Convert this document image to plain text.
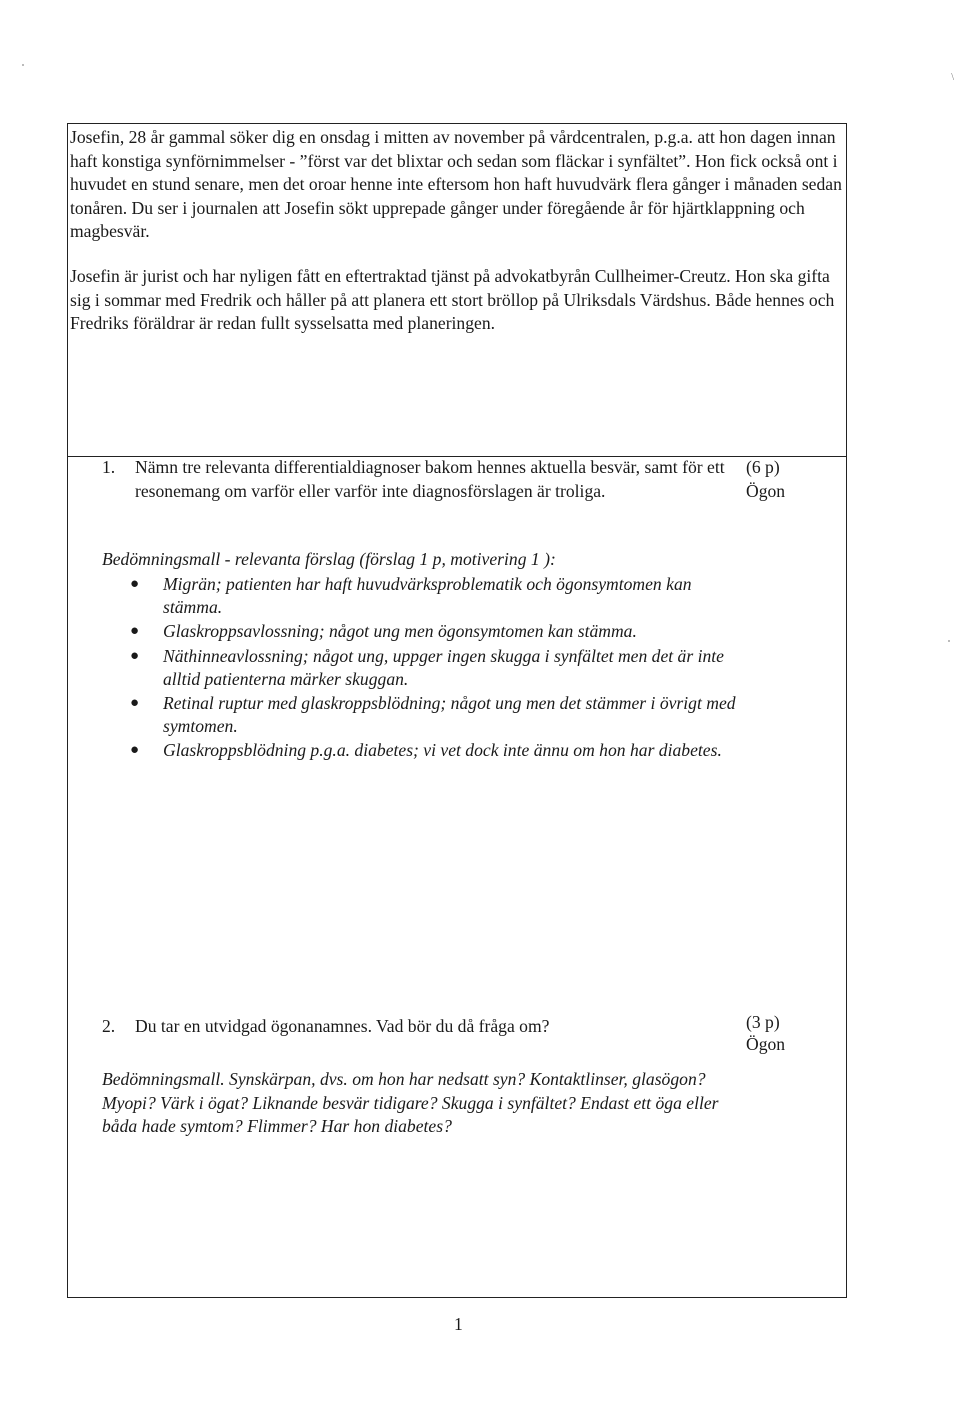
Josefin, 28 år gammal söker dig en onsdag i mitten av november på vårdcentralen, p.g.a. att hon dagen innan haft konstiga synförnimmelser - ”först var det blixtar och sedan som fläckar i synfältet”. Hon fick också ont i huvudet en stund senare, men det oroar henne inte eftersom hon haft huvudvärk flera gånger i månaden sedan tonåren. Du ser i journalen att Josefin sökt upprepade gånger under föregående år för hjärtklappning och magbesvär.

Josefin är jurist och har nyligen fått en eftertraktad tjänst på advokatbyrån Cullheimer-Creutz. Hon ska gifta sig i sommar med Fredrik och håller på att planera ett stort bröllop på Ulriksdals Värdshus. Både hennes och Fredriks föräldrar är redan fullt sysselsatta med planeringen.

1. Nämn tre relevanta differentialdiagnoser bakom hennes aktuella besvär, samt för ett resonemang om varför eller varför inte diagnosförslagen är troliga.
(6 p)
Ögon
Bedömningsmall - relevanta förslag (förslag 1 p, motivering 1 ):
● Migrän; patienten har haft huvudvärksproblematik och ögonsymtomen kan stämma.
● Glaskroppsavlossning; något ung men ögonsymtomen kan stämma.
● Näthinneavlossning; något ung, uppger ingen skugga i synfältet men det är inte alltid patienterna märker skuggan.
● Retinal ruptur med glaskroppsblödning; något ung men det stämmer i övrigt med symtomen.
● Glaskroppsblödning p.g.a. diabetes; vi vet dock inte ännu om hon har diabetes.
2. Du tar en utvidgad ögonanamnes. Vad bör du då fråga om?	(3 p)
Ögon
Bedömningsmall. Synskärpan, dvs. om hon har nedsatt syn? Kontaktlinser, glasögon? Myopi? Värk i ögat? Liknande besvär tidigare? Skugga i synfältet? Endast ett öga eller båda hade symtom? Flimmer? Har hon diabetes?
1
\
